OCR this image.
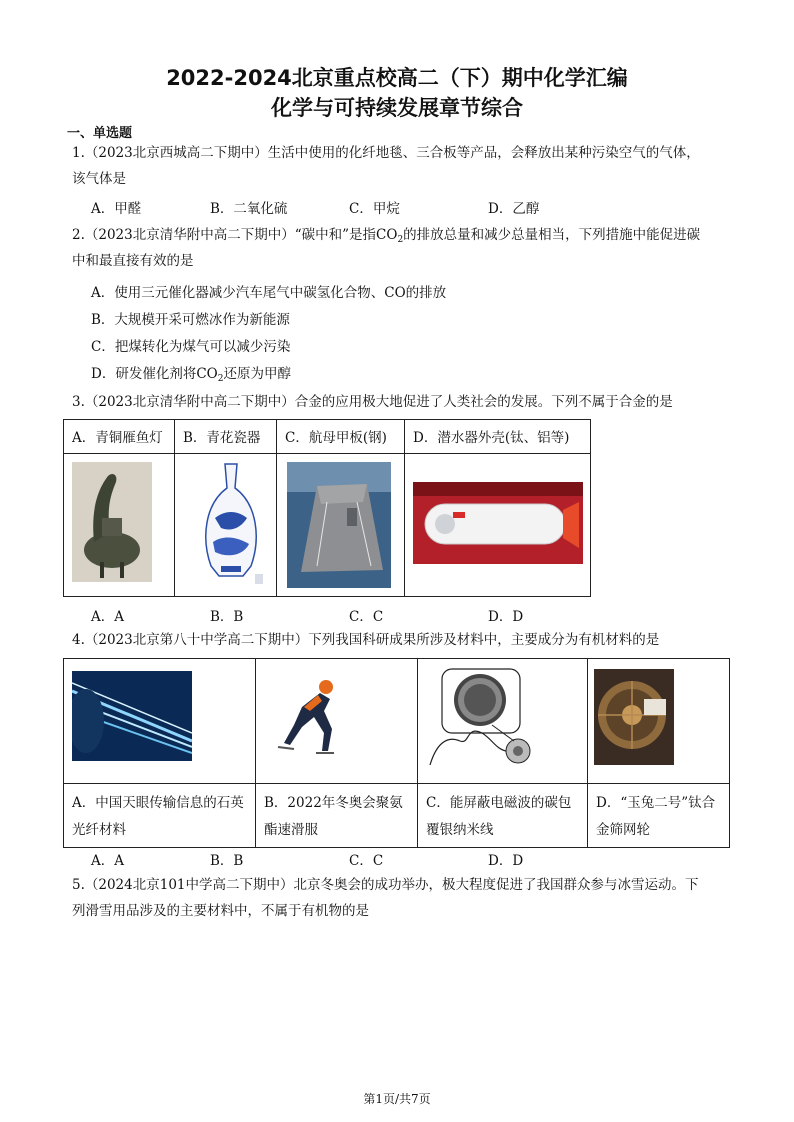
2022-2024北京重点校高二（下）期中化学汇编
化学与可持续发展章节综合
一、单选题
1.（2023北京西城高二下期中）生活中使用的化纤地毯、三合板等产品，会释放出某种污染空气的气体，
该气体是
A．甲醛	B．二氧化硫	C．甲烷	D．乙醇
2.（2023北京清华附中高二下期中）“碳中和”是指$CO_2$的排放总量和减少总量相当，下列措施中能促进碳
中和最直接有效的是
A．使用三元催化器减少汽车尾气中碳氢化合物、CO的排放
B．大规模开采可燃冰作为新能源
C．把煤转化为煤气可以减少污染
D．研发催化剂将$CO_2$还原为甲醇
3.（2023北京清华附中高二下期中）合金的应用极大地促进了人类社会的发展。下列不属于合金的是
A．青铜雁鱼灯	B．青花瓷器	C．航母甲板(钢)	D．潜水器外壳(钛、铝等)

A．A	B．B	C．C	D．D
4.（2023北京第八十中学高二下期中）下列我国科研成果所涉及材料中，主要成分为有机材料的是

A．中国天眼传输信息的石英光纤材料	B．2022年冬奥会聚氨酯速滑服	C．能屏蔽电磁波的碳包覆银纳米线	D．“玉兔二号”钛合金筛网轮
A．A	B．B	C．C	D．D
5.（2024北京101中学高二下期中）北京冬奥会的成功举办，极大程度促进了我国群众参与冰雪运动。下
列滑雪用品涉及的主要材料中，不属于有机物的是
第1页/共7页
